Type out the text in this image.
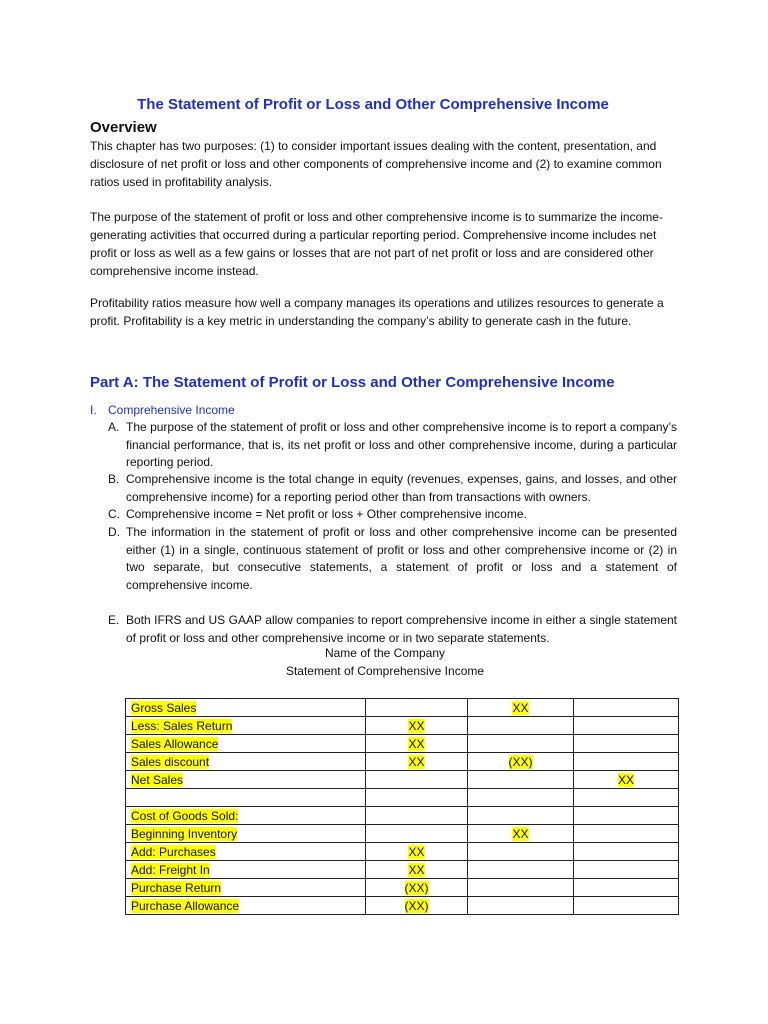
The Statement of Profit or Loss and Other Comprehensive Income
Overview

This chapter has two purposes: (1) to consider important issues dealing with the content, presentation, and disclosure of net profit or loss and other components of comprehensive income and (2) to examine common ratios used in profitability analysis.

The purpose of the statement of profit or loss and other comprehensive income is to summarize the income-generating activities that occurred during a particular reporting period. Comprehensive income includes net profit or loss as well as a few gains or losses that are not part of net profit or loss and are considered other comprehensive income instead.

Profitability ratios measure how well a company manages its operations and utilizes resources to generate a profit. Profitability is a key metric in understanding the company’s ability to generate cash in the future.

Part A: The Statement of Profit or Loss and Other Comprehensive Income
I. Comprehensive Income
A. The purpose of the statement of profit or loss and other comprehensive income is to report a company’s financial performance, that is, its net profit or loss and other comprehensive income, during a particular reporting period.
B. Comprehensive income is the total change in equity (revenues, expenses, gains, and losses, and other comprehensive income) for a reporting period other than from transactions with owners.
C. Comprehensive income = Net profit or loss + Other comprehensive income.
D. The information in the statement of profit or loss and other comprehensive income can be presented either (1) in a single, continuous statement of profit or loss and other comprehensive income or (2) in two separate, but consecutive statements, a statement of profit or loss and a statement of comprehensive income.
E. Both IFRS and US GAAP allow companies to report comprehensive income in either a single statement of profit or loss and other comprehensive income or in two separate statements.
Name of the Company
Statement of Comprehensive Income
Gross Sales		XX	
Less: Sales Return	XX		
Sales Allowance	XX		
Sales discount	XX	(XX)	
Net Sales			XX

Cost of Goods Sold:			
Beginning Inventory		XX	
Add: Purchases	XX		
Add: Freight In	XX		
Purchase Return	(XX)		
Purchase Allowance	(XX)		
